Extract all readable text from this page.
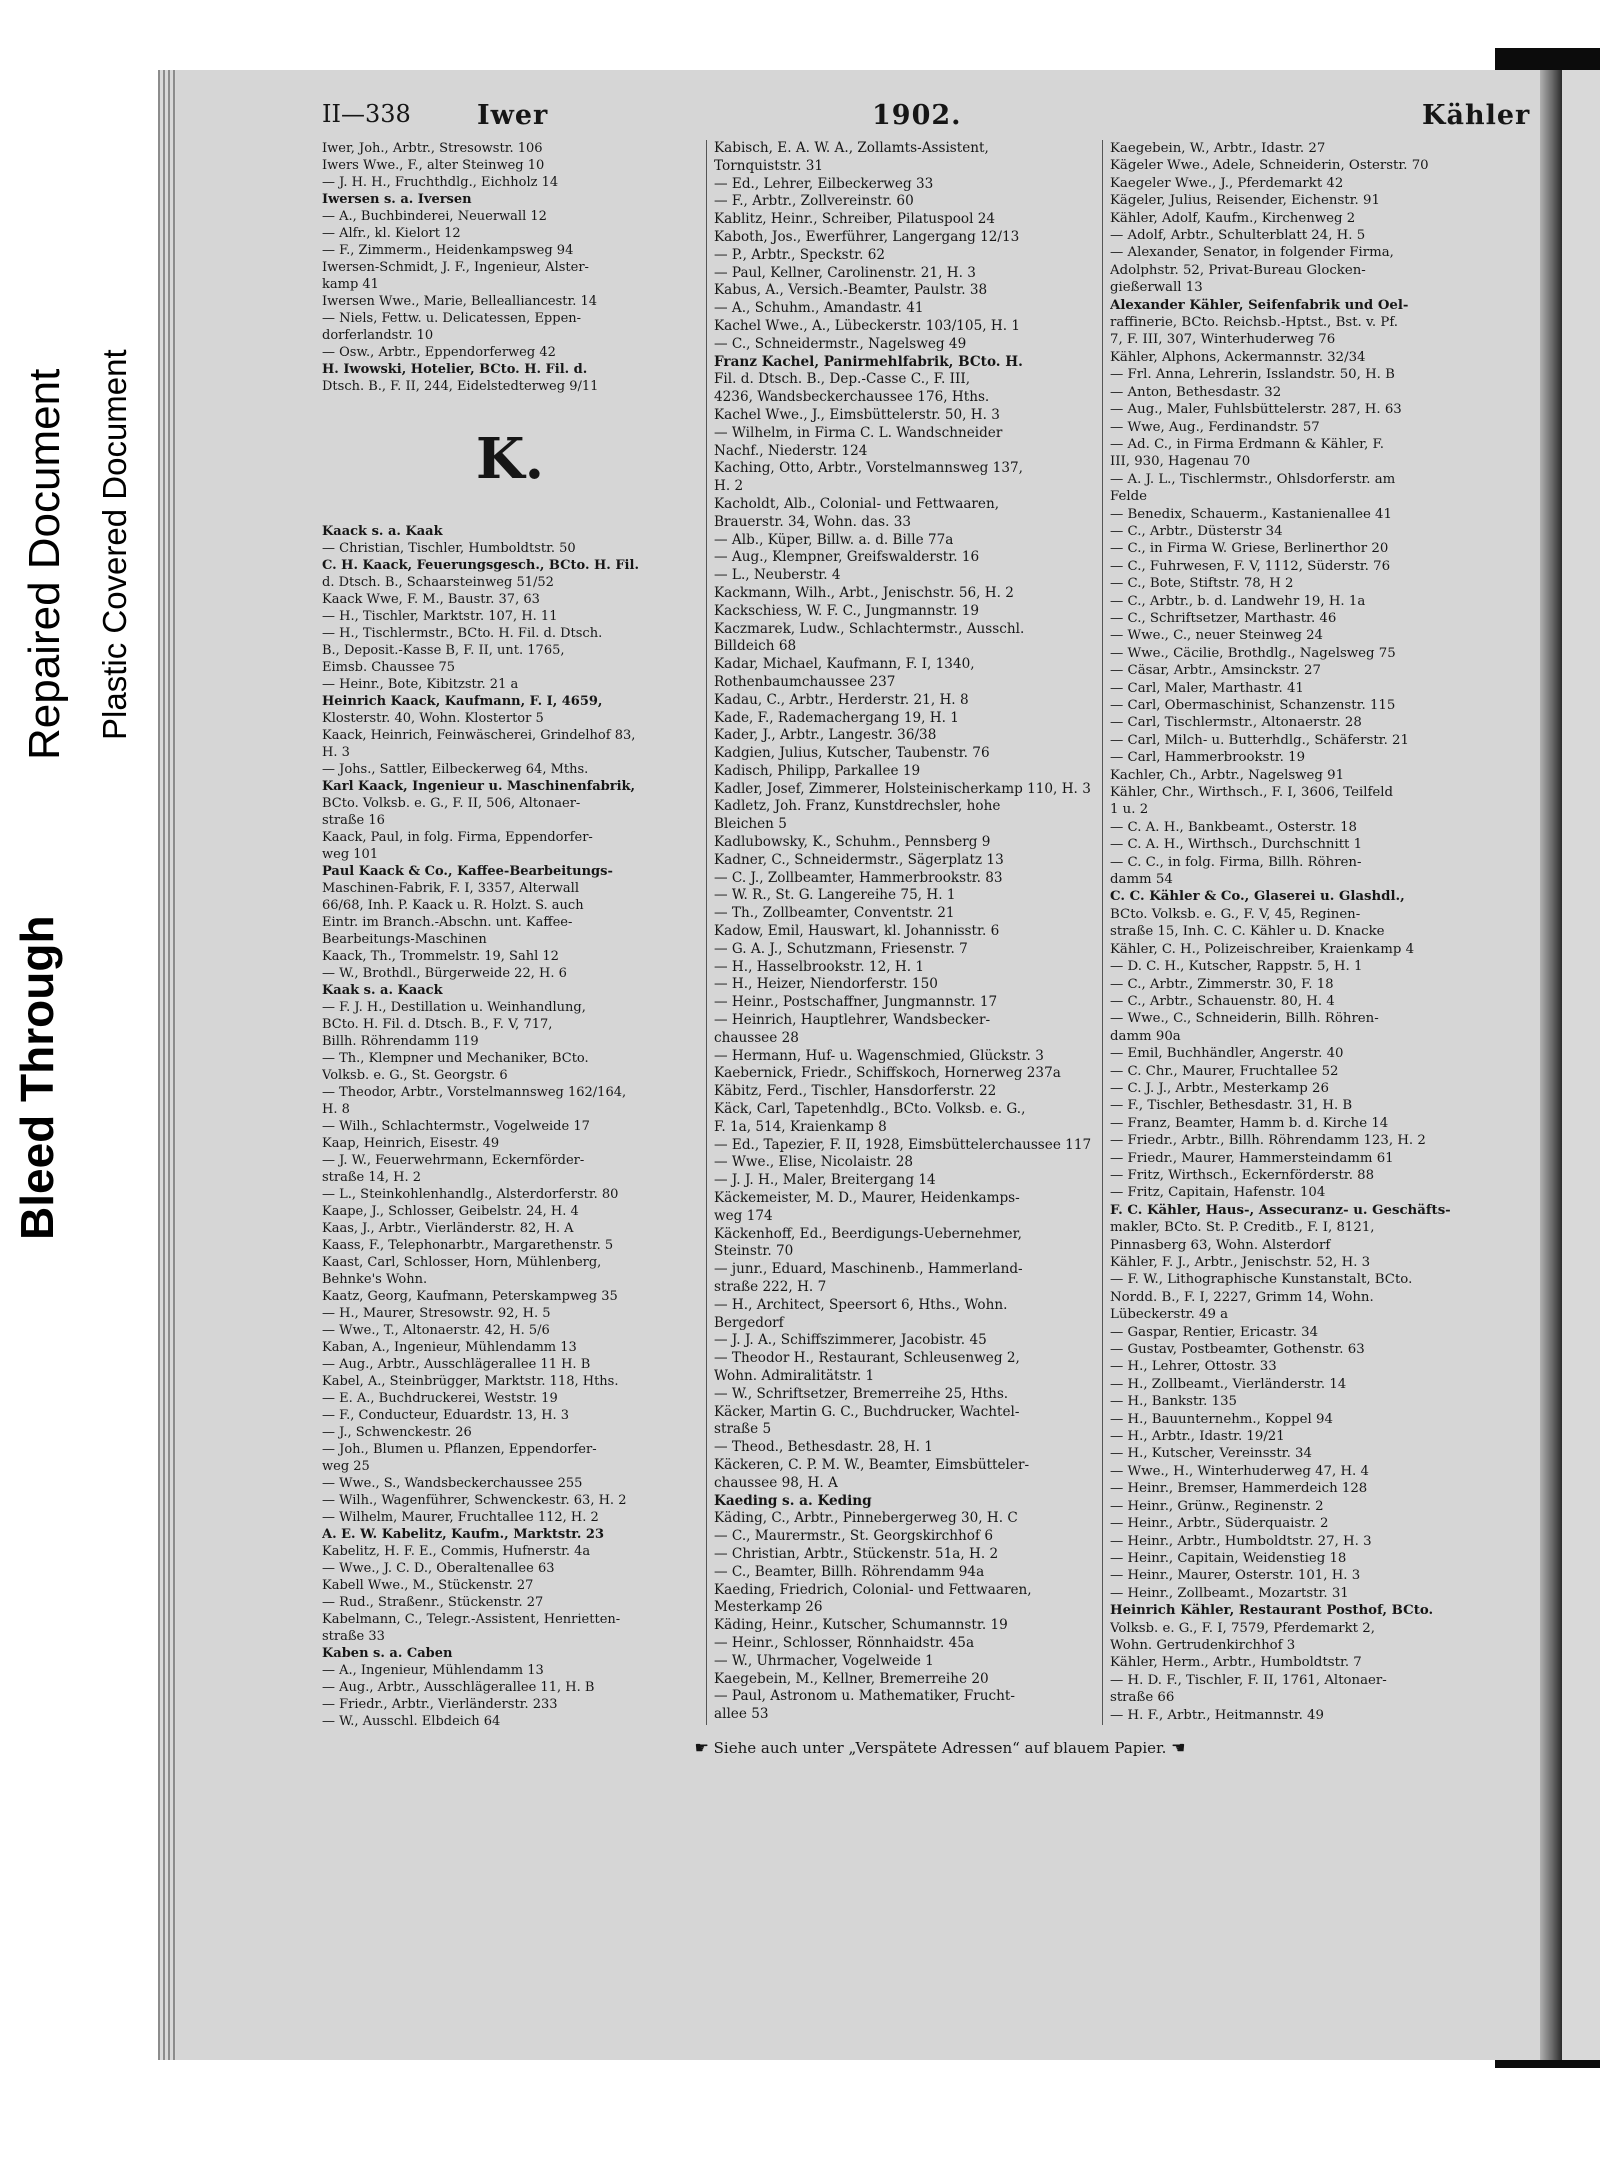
Bleed Through
Repaired Document Plastic Covered Document
II—338 Iwer	1902.	Kähler
Iwer, Joh., Arbtr., Stresowstr. 106
Iwers Wwe., F., alter Steinweg 10
— J. H. H., Fruchthdlg., Eichholz 14
Iwersen s. a. Iversen
— A., Buchbinderei, Neuerwall 12
— Alfr., kl. Kielort 12
— F., Zimmerm., Heidenkampsweg 94
Iwersen-Schmidt, J. F., Ingenieur, Alster-
kamp 41
Iwersen Wwe., Marie, Bellealliancestr. 14
— Niels, Fettw. u. Delicatessen, Eppen-
dorferlandstr. 10
— Osw., Arbtr., Eppendorferweg 42
H. Iwowski, Hotelier, BCto. H. Fil. d.
Dtsch. B., F. II, 244, Eidelstedterweg 9/11
K.
Kaack s. a. Kaak
— Christian, Tischler, Humboldtstr. 50
C. H. Kaack, Feuerungsgesch., BCto. H. Fil.
d. Dtsch. B., Schaarsteinweg 51/52
Kaack Wwe, F. M., Baustr. 37, 63
— H., Tischler, Marktstr. 107, H. 11
— H., Tischlermstr., BCto. H. Fil. d. Dtsch.
B., Deposit.-Kasse B, F. II, unt. 1765,
Eimsb. Chaussee 75
— Heinr., Bote, Kibitzstr. 21 a
Heinrich Kaack, Kaufmann, F. I, 4659,
Klosterstr. 40, Wohn. Klostertor 5
Kaack, Heinrich, Feinwäscherei, Grindelhof 83,
H. 3
— Johs., Sattler, Eilbeckerweg 64, Mths.
Karl Kaack, Ingenieur u. Maschinenfabrik,
BCto. Volksb. e. G., F. II, 506, Altonaer-
straße 16
Kaack, Paul, in folg. Firma, Eppendorfer-
weg 101
Paul Kaack & Co., Kaffee-Bearbeitungs-
Maschinen-Fabrik, F. I, 3357, Alterwall
66/68, Inh. P. Kaack u. R. Holzt. S. auch
Eintr. im Branch.-Abschn. unt. Kaffee-
Bearbeitungs-Maschinen
Kaack, Th., Trommelstr. 19, Sahl 12
— W., Brothdl., Bürgerweide 22, H. 6
Kaak s. a. Kaack
— F. J. H., Destillation u. Weinhandlung,
BCto. H. Fil. d. Dtsch. B., F. V, 717,
Billh. Röhrendamm 119
— Th., Klempner und Mechaniker, BCto.
Volksb. e. G., St. Georgstr. 6
— Theodor, Arbtr., Vorstelmannsweg 162/164,
H. 8
— Wilh., Schlachtermstr., Vogelweide 17
Kaap, Heinrich, Eisestr. 49
— J. W., Feuerwehrmann, Eckernförder-
straße 14, H. 2
— L., Steinkohlenhandlg., Alsterdorferstr. 80
Kaape, J., Schlosser, Geibelstr. 24, H. 4
Kaas, J., Arbtr., Vierländerstr. 82, H. A
Kaass, F., Telephonarbtr., Margarethenstr. 5
Kaast, Carl, Schlosser, Horn, Mühlenberg,
Behnke's Wohn.
Kaatz, Georg, Kaufmann, Peterskampweg 35
— H., Maurer, Stresowstr. 92, H. 5
— Wwe., T., Altonaerstr. 42, H. 5/6
Kaban, A., Ingenieur, Mühlendamm 13
— Aug., Arbtr., Ausschlägerallee 11 H. B
Kabel, A., Steinbrügger, Marktstr. 118, Hths.
— E. A., Buchdruckerei, Weststr. 19
— F., Conducteur, Eduardstr. 13, H. 3
— J., Schwenckestr. 26
— Joh., Blumen u. Pflanzen, Eppendorfer-
weg 25
— Wwe., S., Wandsbeckerchaussee 255
— Wilh., Wagenführer, Schwenckestr. 63, H. 2
— Wilhelm, Maurer, Fruchtallee 112, H. 2
A. E. W. Kabelitz, Kaufm., Marktstr. 23
Kabelitz, H. F. E., Commis, Hufnerstr. 4a
— Wwe., J. C. D., Oberaltenallee 63
Kabell Wwe., M., Stückenstr. 27
— Rud., Straßenr., Stückenstr. 27
Kabelmann, C., Telegr.-Assistent, Henrietten-
straße 33
Kaben s. a. Caben
— A., Ingenieur, Mühlendamm 13
— Aug., Arbtr., Ausschlägerallee 11, H. B
— Friedr., Arbtr., Vierländerstr. 233
— W., Ausschl. Elbdeich 64
Kabisch, E. A. W. A., Zollamts-Assistent,
Tornquiststr. 31
— Ed., Lehrer, Eilbeckerweg 33
— F., Arbtr., Zollvereinstr. 60
Kablitz, Heinr., Schreiber, Pilatuspool 24
Kaboth, Jos., Ewerführer, Langergang 12/13
— P., Arbtr., Speckstr. 62
— Paul, Kellner, Carolinenstr. 21, H. 3
Kabus, A., Versich.-Beamter, Paulstr. 38
— A., Schuhm., Amandastr. 41
Kachel Wwe., A., Lübeckerstr. 103/105, H. 1
— C., Schneidermstr., Nagelsweg 49
Franz Kachel, Panirmehlfabrik, BCto. H.
Fil. d. Dtsch. B., Dep.-Casse C., F. III,
4236, Wandsbeckerchaussee 176, Hths.
Kachel Wwe., J., Eimsbüttelerstr. 50, H. 3
— Wilhelm, in Firma C. L. Wandschneider
Nachf., Niederstr. 124
Kaching, Otto, Arbtr., Vorstelmannsweg 137,
H. 2
Kacholdt, Alb., Colonial- und Fettwaaren,
Brauerstr. 34, Wohn. das. 33
— Alb., Küper, Billw. a. d. Bille 77a
— Aug., Klempner, Greifswalderstr. 16
— L., Neuberstr. 4
Kackmann, Wilh., Arbt., Jenischstr. 56, H. 2
Kackschiess, W. F. C., Jungmannstr. 19
Kaczmarek, Ludw., Schlachtermstr., Ausschl.
Billdeich 68
Kadar, Michael, Kaufmann, F. I, 1340,
Rothenbaumchaussee 237
Kadau, C., Arbtr., Herderstr. 21, H. 8
Kade, F., Rademachergang 19, H. 1
Kader, J., Arbtr., Langestr. 36/38
Kadgien, Julius, Kutscher, Taubenstr. 76
Kadisch, Philipp, Parkallee 19
Kadler, Josef, Zimmerer, Holsteinischerkamp 110, H. 3
Kadletz, Joh. Franz, Kunstdrechsler, hohe
Bleichen 5
Kadlubowsky, K., Schuhm., Pennsberg 9
Kadner, C., Schneidermstr., Sägerplatz 13
— C. J., Zollbeamter, Hammerbrookstr. 83
— W. R., St. G. Langereihe 75, H. 1
— Th., Zollbeamter, Conventstr. 21
Kadow, Emil, Hauswart, kl. Johannisstr. 6
— G. A. J., Schutzmann, Friesenstr. 7
— H., Hasselbrookstr. 12, H. 1
— H., Heizer, Niendorferstr. 150
— Heinr., Postschaffner, Jungmannstr. 17
— Heinrich, Hauptlehrer, Wandsbecker-
chaussee 28
— Hermann, Huf- u. Wagenschmied, Glückstr. 3
Kaebernick, Friedr., Schiffskoch, Hornerweg 237a
Käbitz, Ferd., Tischler, Hansdorferstr. 22
Käck, Carl, Tapetenhdlg., BCto. Volksb. e. G.,
F. 1a, 514, Kraienkamp 8
— Ed., Tapezier, F. II, 1928, Eimsbüttelerchaussee 117
— Wwe., Elise, Nicolaistr. 28
— J. J. H., Maler, Breitergang 14
Käckemeister, M. D., Maurer, Heidenkamps-
weg 174
Käckenhoff, Ed., Beerdigungs-Uebernehmer,
Steinstr. 70
— junr., Eduard, Maschinenb., Hammerland-
straße 222, H. 7
— H., Architect, Speersort 6, Hths., Wohn.
Bergedorf
— J. J. A., Schiffszimmerer, Jacobistr. 45
— Theodor H., Restaurant, Schleusenweg 2,
Wohn. Admiralitätstr. 1
— W., Schriftsetzer, Bremerreihe 25, Hths.
Käcker, Martin G. C., Buchdrucker, Wachtel-
straße 5
— Theod., Bethesdastr. 28, H. 1
Käckeren, C. P. M. W., Beamter, Eimsbütteler-
chaussee 98, H. A
Kaeding s. a. Keding
Käding, C., Arbtr., Pinnebergerweg 30, H. C
— C., Maurermstr., St. Georgskirchhof 6
— Christian, Arbtr., Stückenstr. 51a, H. 2
— C., Beamter, Billh. Röhrendamm 94a
Kaeding, Friedrich, Colonial- und Fettwaaren,
Mesterkamp 26
Käding, Heinr., Kutscher, Schumannstr. 19
— Heinr., Schlosser, Rönnhaidstr. 45a
— W., Uhrmacher, Vogelweide 1
Kaegebein, M., Kellner, Bremerreihe 20
— Paul, Astronom u. Mathematiker, Frucht-
allee 53
Kaegebein, W., Arbtr., Idastr. 27
Kägeler Wwe., Adele, Schneiderin, Osterstr. 70
Kaegeler Wwe., J., Pferdemarkt 42
Kägeler, Julius, Reisender, Eichenstr. 91
Kähler, Adolf, Kaufm., Kirchenweg 2
— Adolf, Arbtr., Schulterblatt 24, H. 5
— Alexander, Senator, in folgender Firma,
Adolphstr. 52, Privat-Bureau Glocken-
gießerwall 13
Alexander Kähler, Seifenfabrik und Oel-
raffinerie, BCto. Reichsb.-Hptst., Bst. v. Pf.
7, F. III, 307, Winterhuderweg 76
Kähler, Alphons, Ackermannstr. 32/34
— Frl. Anna, Lehrerin, Isslandstr. 50, H. B
— Anton, Bethesdastr. 32
— Aug., Maler, Fuhlsbüttelerstr. 287, H. 63
— Wwe, Aug., Ferdinandstr. 57
— Ad. C., in Firma Erdmann & Kähler, F.
III, 930, Hagenau 70
— A. J. L., Tischlermstr., Ohlsdorferstr. am
Felde
— Benedix, Schauerm., Kastanienallee 41
— C., Arbtr., Düsterstr 34
— C., in Firma W. Griese, Berlinerthor 20
— C., Fuhrwesen, F. V, 1112, Süderstr. 76
— C., Bote, Stiftstr. 78, H 2
— C., Arbtr., b. d. Landwehr 19, H. 1a
— C., Schriftsetzer, Marthastr. 46
— Wwe., C., neuer Steinweg 24
— Wwe., Cäcilie, Brothdlg., Nagelsweg 75
— Cäsar, Arbtr., Amsinckstr. 27
— Carl, Maler, Marthastr. 41
— Carl, Obermaschinist, Schanzenstr. 115
— Carl, Tischlermstr., Altonaerstr. 28
— Carl, Milch- u. Butterhdlg., Schäferstr. 21
— Carl, Hammerbrookstr. 19
Kachler, Ch., Arbtr., Nagelsweg 91
Kähler, Chr., Wirthsch., F. I, 3606, Teilfeld
1 u. 2
— C. A. H., Bankbeamt., Osterstr. 18
— C. A. H., Wirthsch., Durchschnitt 1
— C. C., in folg. Firma, Billh. Röhren-
damm 54
C. C. Kähler & Co., Glaserei u. Glashdl.,
BCto. Volksb. e. G., F. V, 45, Reginen-
straße 15, Inh. C. C. Kähler u. D. Knacke
Kähler, C. H., Polizeischreiber, Kraienkamp 4
— D. C. H., Kutscher, Rappstr. 5, H. 1
— C., Arbtr., Zimmerstr. 30, F. 18
— C., Arbtr., Schauenstr. 80, H. 4
— Wwe., C., Schneiderin, Billh. Röhren-
damm 90a
— Emil, Buchhändler, Angerstr. 40
— C. Chr., Maurer, Fruchtallee 52
— C. J. J., Arbtr., Mesterkamp 26
— F., Tischler, Bethesdastr. 31, H. B
— Franz, Beamter, Hamm b. d. Kirche 14
— Friedr., Arbtr., Billh. Röhrendamm 123, H. 2
— Friedr., Maurer, Hammersteindamm 61
— Fritz, Wirthsch., Eckernförderstr. 88
— Fritz, Capitain, Hafenstr. 104
F. C. Kähler, Haus-, Assecuranz- u. Geschäfts-
makler, BCto. St. P. Creditb., F. I, 8121,
Pinnasberg 63, Wohn. Alsterdorf
Kähler, F. J., Arbtr., Jenischstr. 52, H. 3
— F. W., Lithographische Kunstanstalt, BCto.
Nordd. B., F. I, 2227, Grimm 14, Wohn.
Lübeckerstr. 49 a
— Gaspar, Rentier, Ericastr. 34
— Gustav, Postbeamter, Gothenstr. 63
— H., Lehrer, Ottostr. 33
— H., Zollbeamt., Vierländerstr. 14
— H., Bankstr. 135
— H., Bauunternehm., Koppel 94
— H., Arbtr., Idastr. 19/21
— H., Kutscher, Vereinsstr. 34
— Wwe., H., Winterhuderweg 47, H. 4
— Heinr., Bremser, Hammerdeich 128
— Heinr., Grünw., Reginenstr. 2
— Heinr., Arbtr., Süderquaistr. 2
— Heinr., Arbtr., Humboldtstr. 27, H. 3
— Heinr., Capitain, Weidenstieg 18
— Heinr., Maurer, Osterstr. 101, H. 3
— Heinr., Zollbeamt., Mozartstr. 31
Heinrich Kähler, Restaurant Posthof, BCto.
Volksb. e. G., F. I, 7579, Pferdemarkt 2,
Wohn. Gertrudenkirchhof 3
Kähler, Herm., Arbtr., Humboldtstr. 7
— H. D. F., Tischler, F. II, 1761, Altonaer-
straße 66
— H. F., Arbtr., Heitmannstr. 49
☛ Siehe auch unter „Verspätete Adressen“ auf blauem Papier. ☚
